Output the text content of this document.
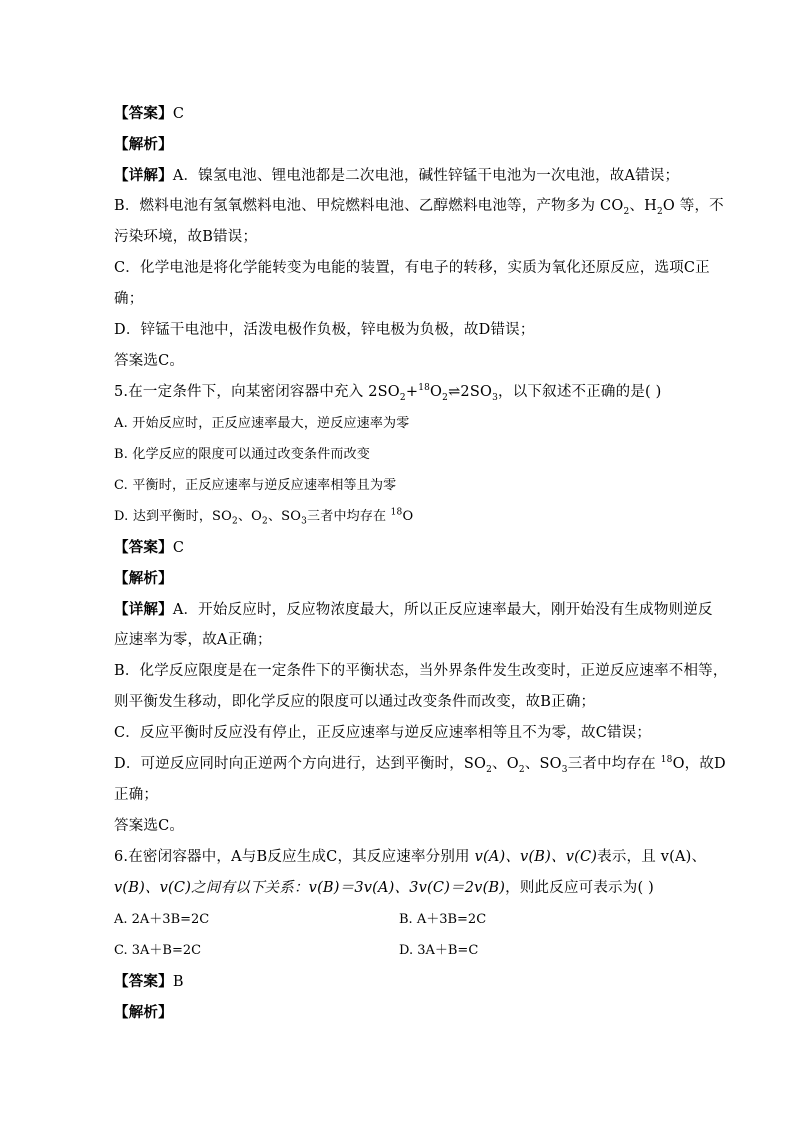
【答案】C
【解析】
【详解】A．镍氢电池、锂电池都是二次电池，碱性锌锰干电池为一次电池，故A错误；
B．燃料电池有氢氧燃料电池、甲烷燃料电池、乙醇燃料电池等，产物多为 $CO_2$、$H_2O$ 等，不
污染环境，故B错误；
C．化学电池是将化学能转变为电能的装置，有电子的转移，实质为氧化还原反应，选项C正
确；
D．锌锰干电池中，活泼电极作负极，锌电极为负极，故D错误；
答案选C。
5.在一定条件下，向某密闭容器中充入 $2SO_2+^{18}O_2\rightleftharpoons 2SO_3$，以下叙述不正确的是( )
A. 开始反应时，正反应速率最大，逆反应速率为零
B. 化学反应的限度可以通过改变条件而改变
C. 平衡时，正反应速率与逆反应速率相等且为零
D. 达到平衡时，$SO_2$、$O_2$、$SO_3$三者中均存在 $^{18}$O
【答案】C
【解析】
【详解】A．开始反应时，反应物浓度最大，所以正反应速率最大，刚开始没有生成物则逆反
应速率为零，故A正确；
B．化学反应限度是在一定条件下的平衡状态，当外界条件发生改变时，正逆反应速率不相等，
则平衡发生移动，即化学反应的限度可以通过改变条件而改变，故B正确；
C．反应平衡时反应没有停止，正反应速率与逆反应速率相等且不为零，故C错误；
D．可逆反应同时向正逆两个方向进行，达到平衡时，$SO_2$、$O_2$、$SO_3$三者中均存在 $^{18}$O，故D
正确；
答案选C。
6.在密闭容器中，A与B反应生成C，其反应速率分别用 v(A)、v(B)、v(C)表示，且 v(A)、
v(B)、v(C)之间有以下关系：v(B)＝3v(A)、3v(C)＝2v(B)，则此反应可表示为( )
A. 2A＋3B=2C	B. A＋3B=2C
C. 3A＋B=2C	D. 3A＋B=C
【答案】B
【解析】
